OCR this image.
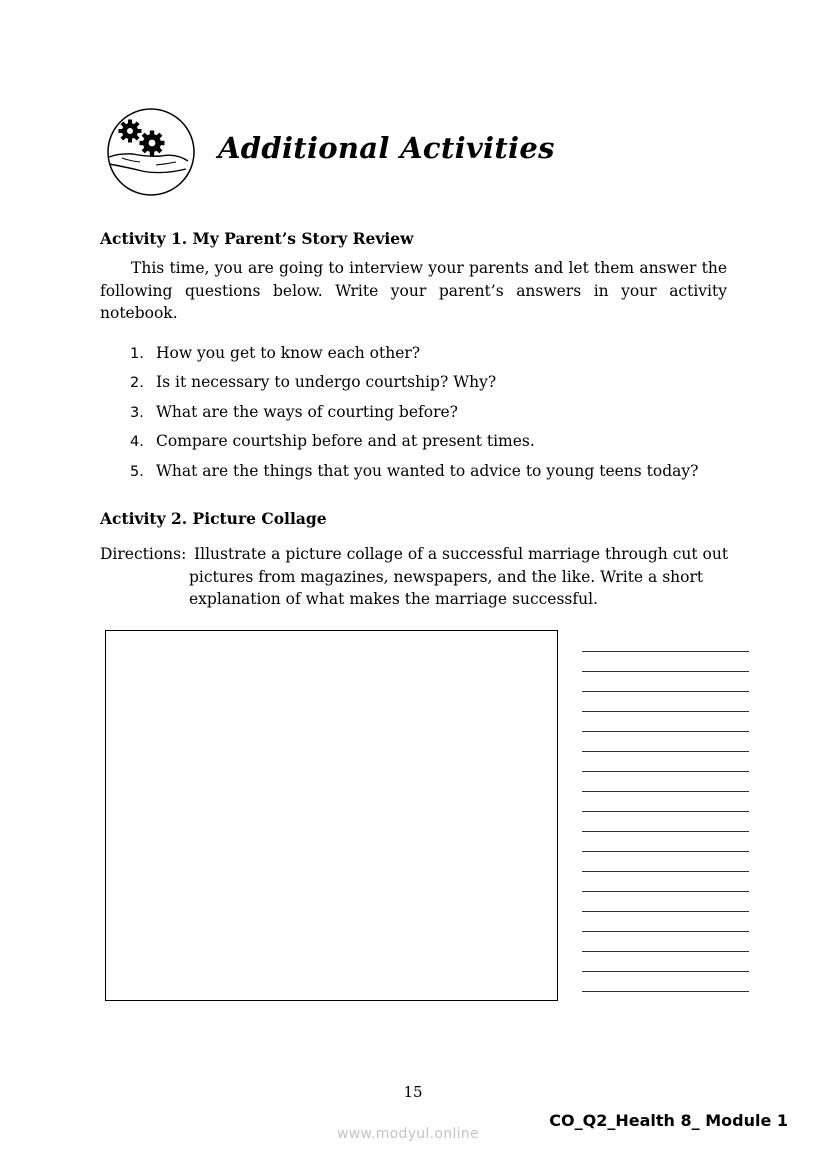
Additional Activities
Activity 1. My Parent’s Story Review
This time, you are going to interview your parents and let them answer the following questions below. Write your parent’s answers in your activity notebook.
1. How you get to know each other?
2. Is it necessary to undergo courtship? Why?
3. What are the ways of courting before?
4. Compare courtship before and at present times.
5. What are the things that you wanted to advice to young teens today?
Activity 2. Picture Collage
Directions: Illustrate a picture collage of a successful marriage through cut out pictures from magazines, newspapers, and the like. Write a short explanation of what makes the marriage successful.
15
CO_Q2_Health 8_ Module 1
www.modyul.online
